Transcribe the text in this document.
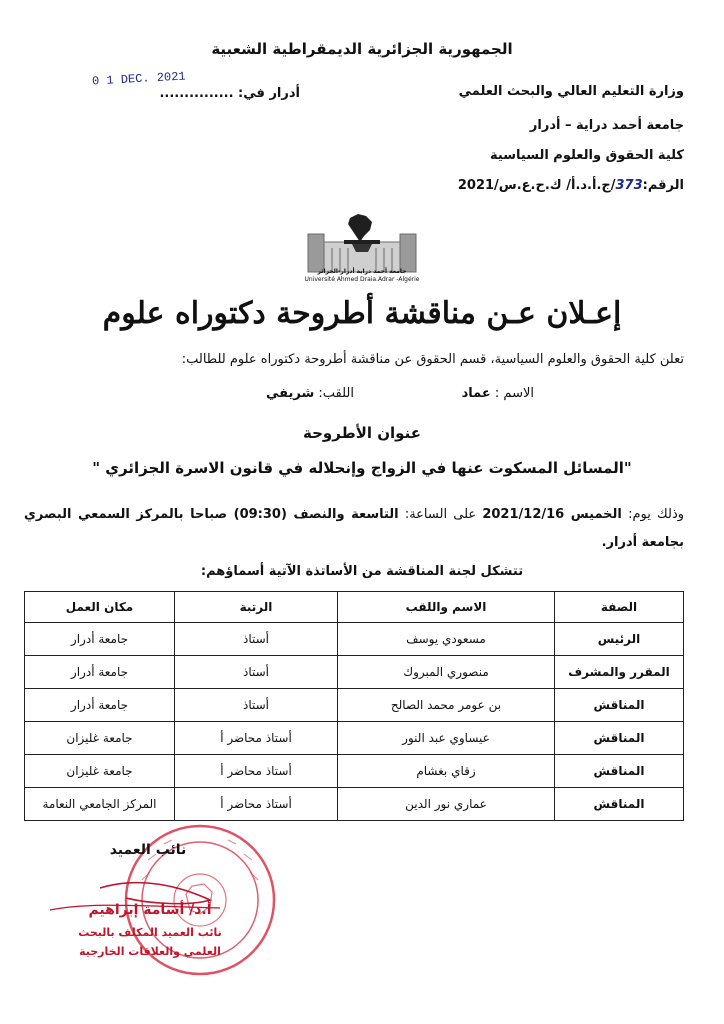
الجمهورية الجزائرية الديمقراطية الشعبية
وزارة التعليم العالي والبحث العلمي
جامعة أحمد دراية – أدرار
كلية الحقوق والعلوم السياسية
الرقم:373/ج.أ.د.أ/ ك.ح.ع.س/2021
0 1 DEC. 2021
أدرار في: ...............
جامعة أحمد دراية أدرار-الجزائر
Université Ahmed Draia.Adrar -Algérie
إعـلان عـن مناقشة أطروحة دكتوراه علوم
تعلن كلية الحقوق والعلوم السياسية، قسم الحقوق عن مناقشة أطروحة دكتوراه علوم للطالب:
الاسم : عماد
اللقب: شريفي
عنوان الأطروحة
"المسائل المسكوت عنها في الزواج وإنحلاله في قانون الاسرة الجزائري "
وذلك يوم: الخميس 2021/12/16 على الساعة: التاسعة والنصف (09:30) صباحا بالمركز السمعي البصري بجامعة أدرار.
تتشكل لجنة المناقشة من الأساتذة الآتية أسماؤهم:
الصفة	الاسم واللقب	الرتبة	مكان العمل
الرئيس	مسعودي يوسف	أستاذ	جامعة أدرار
المقرر والمشرف	منصوري المبروك	أستاذ	جامعة أدرار
المناقش	بن عومر محمد الصالح	أستاذ	جامعة أدرار
المناقش	عيساوي عبد النور	أستاذ محاضر أ	جامعة غليزان
المناقش	زقاي بغشام	أستاذ محاضر أ	جامعة غليزان
المناقش	عماري نور الدين	أستاذ محاضر أ	المركز الجامعي النعامة
نائب العميد
أ.د/ أسامة إبراهيم
نائب العميد المكلف بالبحث
العلمي والعلاقات الخارجية
